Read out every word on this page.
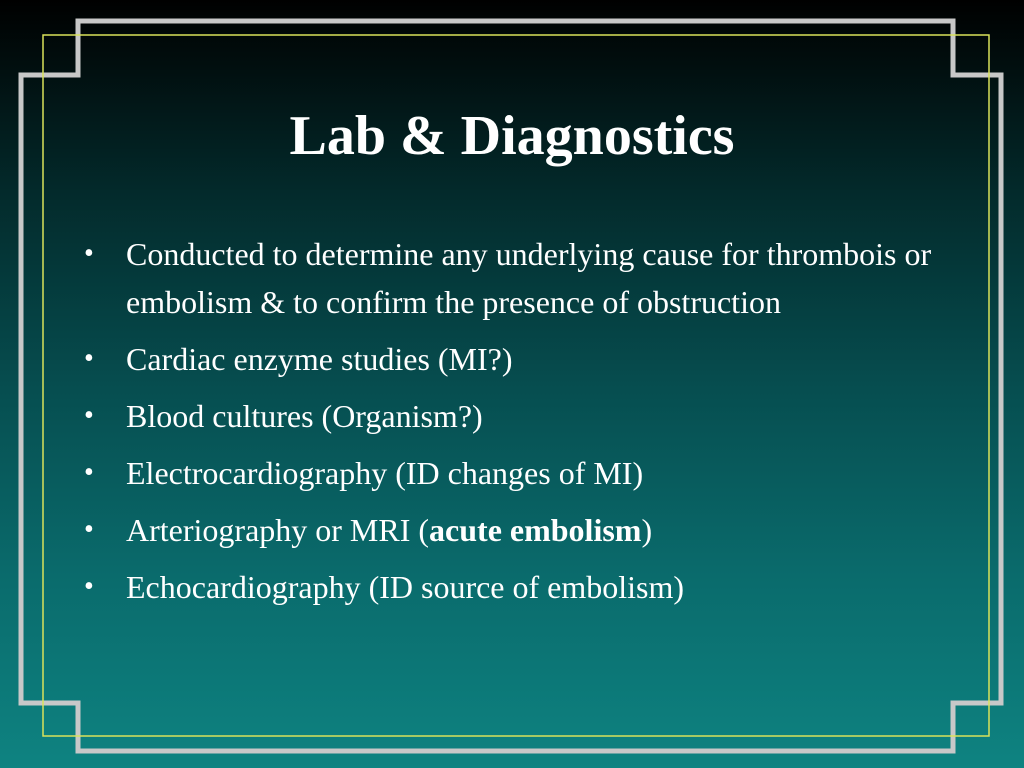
Lab & Diagnostics
•	Conducted to determine any underlying cause for thrombois or embolism & to confirm the presence of obstruction
•	Cardiac enzyme studies (MI?)
•	Blood cultures (Organism?)
•	Electrocardiography (ID changes of MI)
•	Arteriography or MRI (acute embolism)
•	Echocardiography (ID source of embolism)
